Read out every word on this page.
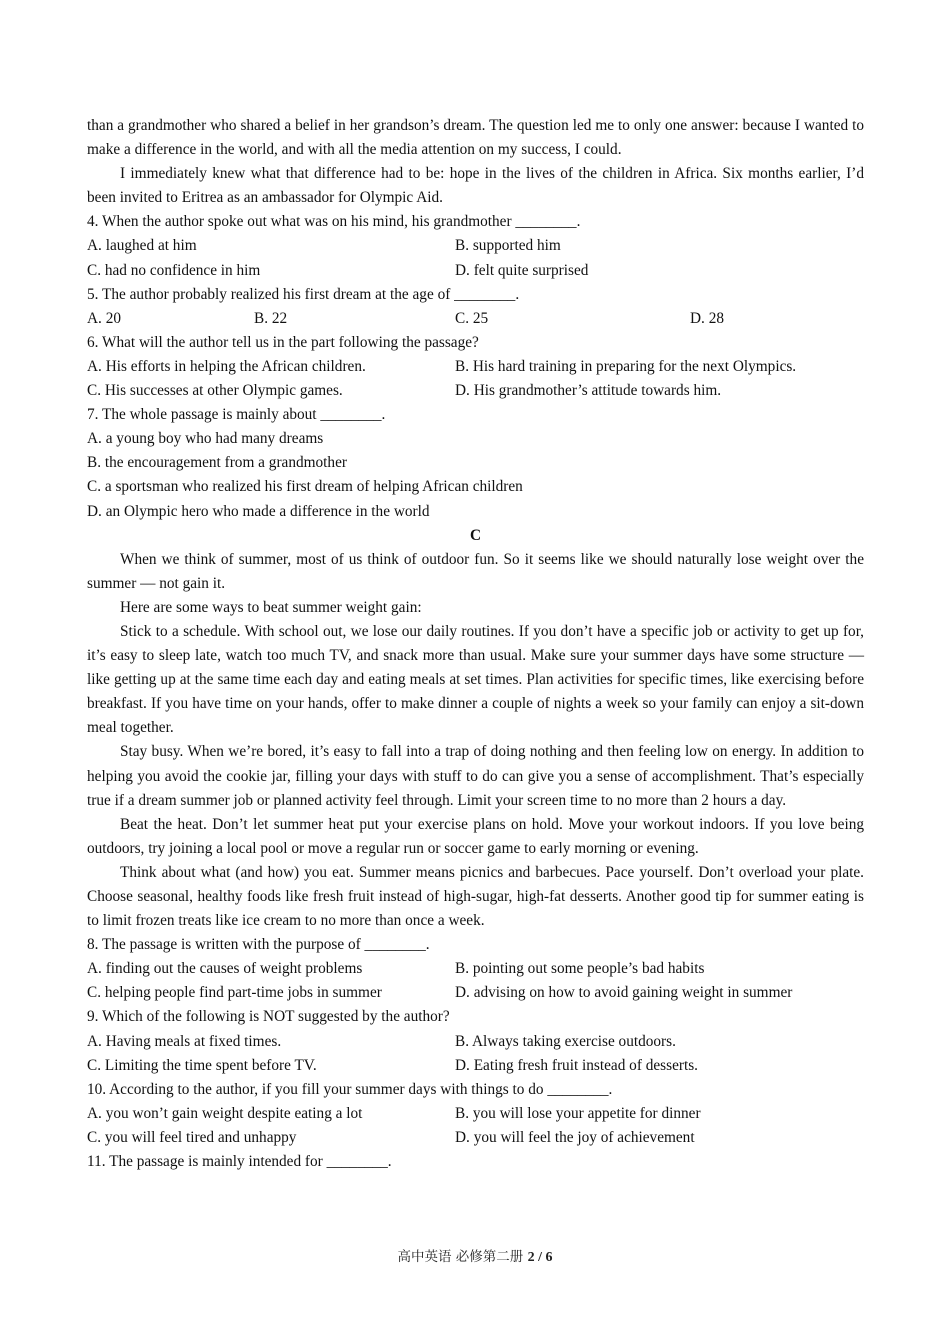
than a grandmother who shared a belief in her grandson’s dream. The question led me to only one answer: because I wanted to make a difference in the world, and with all the media attention on my success, I could.

I immediately knew what that difference had to be: hope in the lives of the children in Africa. Six months earlier, I’d been invited to Eritrea as an ambassador for Olympic Aid.

4. When the author spoke out what was on his mind, his grandmother ________.

A. laughed at him	B. supported him

C. had no confidence in him	D. felt quite surprised

5. The author probably realized his first dream at the age of ________.

A. 20	B. 22	C. 25	D. 28

6. What will the author tell us in the part following the passage?

A. His efforts in helping the African children.	B. His hard training in preparing for the next Olympics.

C. His successes at other Olympic games.	D. His grandmother’s attitude towards him.

7. The whole passage is mainly about ________.

A. a young boy who had many dreams

B. the encouragement from a grandmother

C. a sportsman who realized his first dream of helping African children

D. an Olympic hero who made a difference in the world

C

When we think of summer, most of us think of outdoor fun. So it seems like we should naturally lose weight over the summer — not gain it.

Here are some ways to beat summer weight gain:

Stick to a schedule. With school out, we lose our daily routines. If you don’t have a specific job or activity to get up for, it’s easy to sleep late, watch too much TV, and snack more than usual. Make sure your summer days have some structure — like getting up at the same time each day and eating meals at set times. Plan activities for specific times, like exercising before breakfast. If you have time on your hands, offer to make dinner a couple of nights a week so your family can enjoy a sit‑down meal together.

Stay busy. When we’re bored, it’s easy to fall into a trap of doing nothing and then feeling low on energy. In addition to helping you avoid the cookie jar, filling your days with stuff to do can give you a sense of accomplishment. That’s especially true if a dream summer job or planned activity feel through. Limit your screen time to no more than 2 hours a day.

Beat the heat. Don’t let summer heat put your exercise plans on hold. Move your workout indoors. If you love being outdoors, try joining a local pool or move a regular run or soccer game to early morning or evening.

Think about what (and how) you eat. Summer means picnics and barbecues. Pace yourself. Don’t overload your plate. Choose seasonal, healthy foods like fresh fruit instead of high‑sugar, high‑fat desserts. Another good tip for summer eating is to limit frozen treats like ice cream to no more than once a week.

8. The passage is written with the purpose of ________.

A. finding out the causes of weight problems	B. pointing out some people’s bad habits

C. helping people find part‑time jobs in summer	D. advising on how to avoid gaining weight in summer

9. Which of the following is NOT suggested by the author?

A. Having meals at fixed times.	B. Always taking exercise outdoors.

C. Limiting the time spent before TV.	D. Eating fresh fruit instead of desserts.

10. According to the author, if you fill your summer days with things to do ________.

A. you won’t gain weight despite eating a lot	B. you will lose your appetite for dinner

C. you will feel tired and unhappy	D. you will feel the joy of achievement

11. The passage is mainly intended for ________.

高中英语 必修第二册 2 / 6
